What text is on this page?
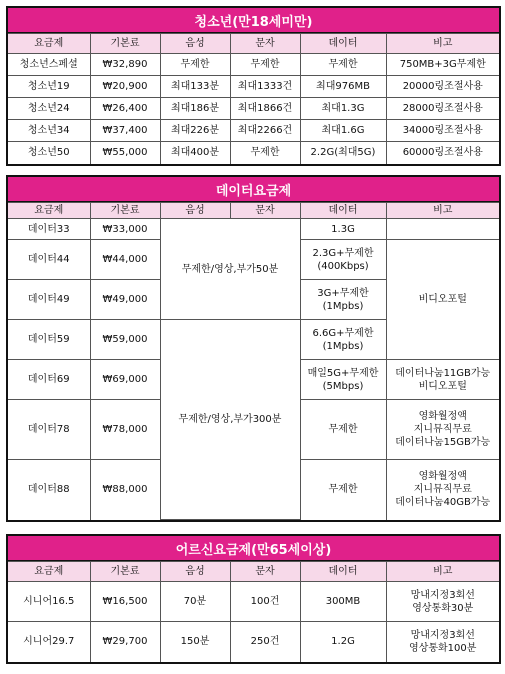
청소년(만18세미만)
요금제	기본료	음성	문자	데이터	비고
청소년스페셜	₩32,890	무제한	무제한	무제한	750MB+3G무제한
청소년19	₩20,900	최대133분	최대1333건	최대976MB	20000링조절사용
청소년24	₩26,400	최대186분	최대1866건	최대1.3G	28000링조절사용
청소년34	₩37,400	최대226분	최대2266건	최대1.6G	34000링조절사용
청소년50	₩55,000	최대400분	무제한	2.2G(최대5G)	60000링조절사용
데이터요금제
요금제	기본료	음성	문자	데이터	비고
데이터33	₩33,000	무제한/영상,부가50분		1.3G	
데이터44	₩44,000			2.3G+무제한
(400Kbps)	비디오포털
데이터49	₩49,000			3G+무제한
(1Mpbs)	
데이터59	₩59,000	무제한/영상,부가300분		6.6G+무제한
(1Mpbs)	
데이터69	₩69,000			매일5G+무제한
(5Mbps)	데이터나눔11GB가능
비디오포털
데이터78	₩78,000			무제한	영화월정액
지니뮤직무료
데이터나눔15GB가능
데이터88	₩88,000			무제한	영화월정액
지니뮤직무료
데이터나눔40GB가능
어르신요금제(만65세이상)
요금제	기본료	음성	문자	데이터	비고
시니어16.5	₩16,500	70분	100건	300MB	망내지정3회선
영상통화30분
시니어29.7	₩29,700	150분	250건	1.2G	망내지정3회선
영상통화100분
